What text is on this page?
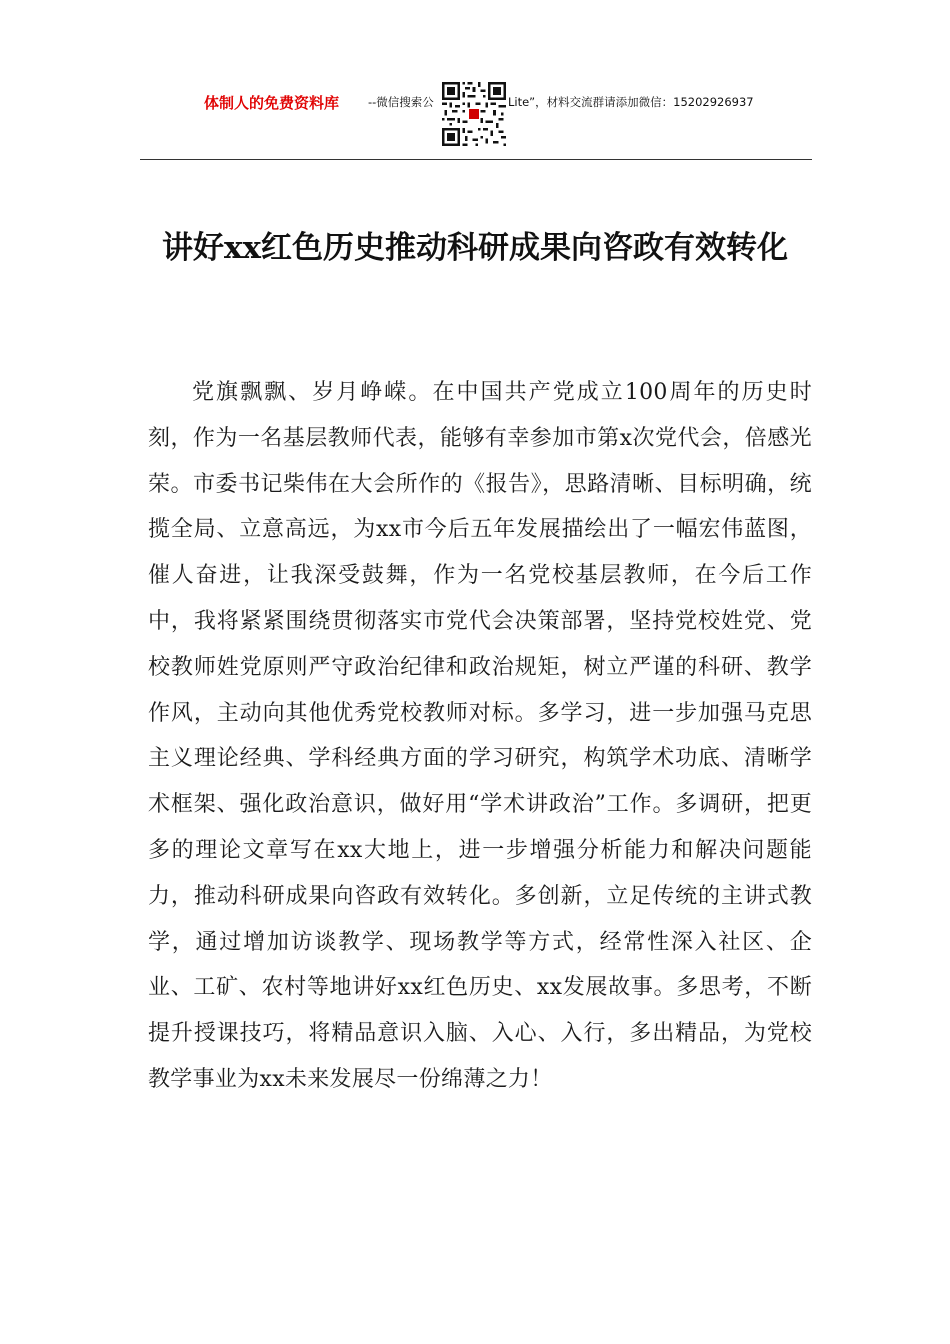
体制人的免费资料库	--微信搜索公	Lite”，材料交流群请添加微信：15202926937
讲好xx红色历史推动科研成果向咨政有效转化

党旗飘飘、岁月峥嵘。在中国共产党成立100周年的历史时刻，作为一名基层教师代表，能够有幸参加市第x次党代会，倍感光荣。市委书记柴伟在大会所作的《报告》，思路清晰、目标明确，统揽全局、立意高远，为xx市今后五年发展描绘出了一幅宏伟蓝图，催人奋进，让我深受鼓舞，作为一名党校基层教师，在今后工作中，我将紧紧围绕贯彻落实市党代会决策部署，坚持党校姓党、党校教师姓党原则严守政治纪律和政治规矩，树立严谨的科研、教学作风，主动向其他优秀党校教师对标。多学习，进一步加强马克思主义理论经典、学科经典方面的学习研究，构筑学术功底、清晰学术框架、强化政治意识，做好用“学术讲政治”工作。多调研，把更多的理论文章写在xx大地上，进一步增强分析能力和解决问题能力，推动科研成果向咨政有效转化。多创新，立足传统的主讲式教学，通过增加访谈教学、现场教学等方式，经常性深入社区、企业、工矿、农村等地讲好xx红色历史、xx发展故事。多思考，不断提升授课技巧，将精品意识入脑、入心、入行，多出精品，为党校教学事业为xx未来发展尽一份绵薄之力！
